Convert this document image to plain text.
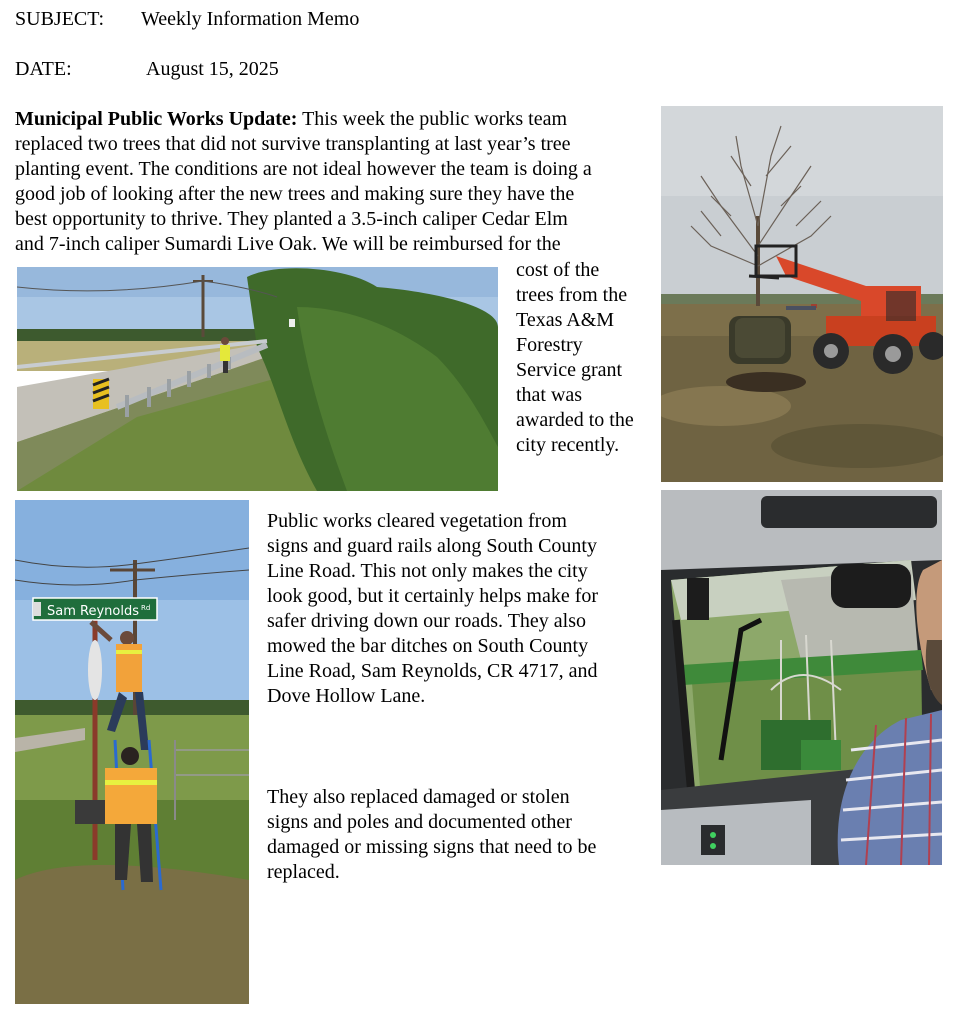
SUBJECT: Weekly Information Memo
DATE:	August 15, 2025
Municipal Public Works Update: This week the public works team
replaced two trees that did not survive transplanting at last year’s tree
planting event. The conditions are not ideal however the team is doing a
good job of looking after the new trees and making sure they have the
best opportunity to thrive. They planted a 3.5-inch caliper Cedar Elm
and 7-inch caliper Sumardi Live Oak. We will be reimbursed for the
cost of the
trees from the
Texas A&M
Forestry
Service grant
that was
awarded to the
city recently.
Public works cleared vegetation from
signs and guard rails along South County
Line Road. This not only makes the city
look good, but it certainly helps make for
safer driving down our roads. They also
mowed the bar ditches on South County
Line Road, Sam Reynolds, CR 4717, and
Dove Hollow Lane.
They also replaced damaged or stolen
signs and poles and documented other
damaged or missing signs that need to be
replaced.
Sam Reynolds Rd
